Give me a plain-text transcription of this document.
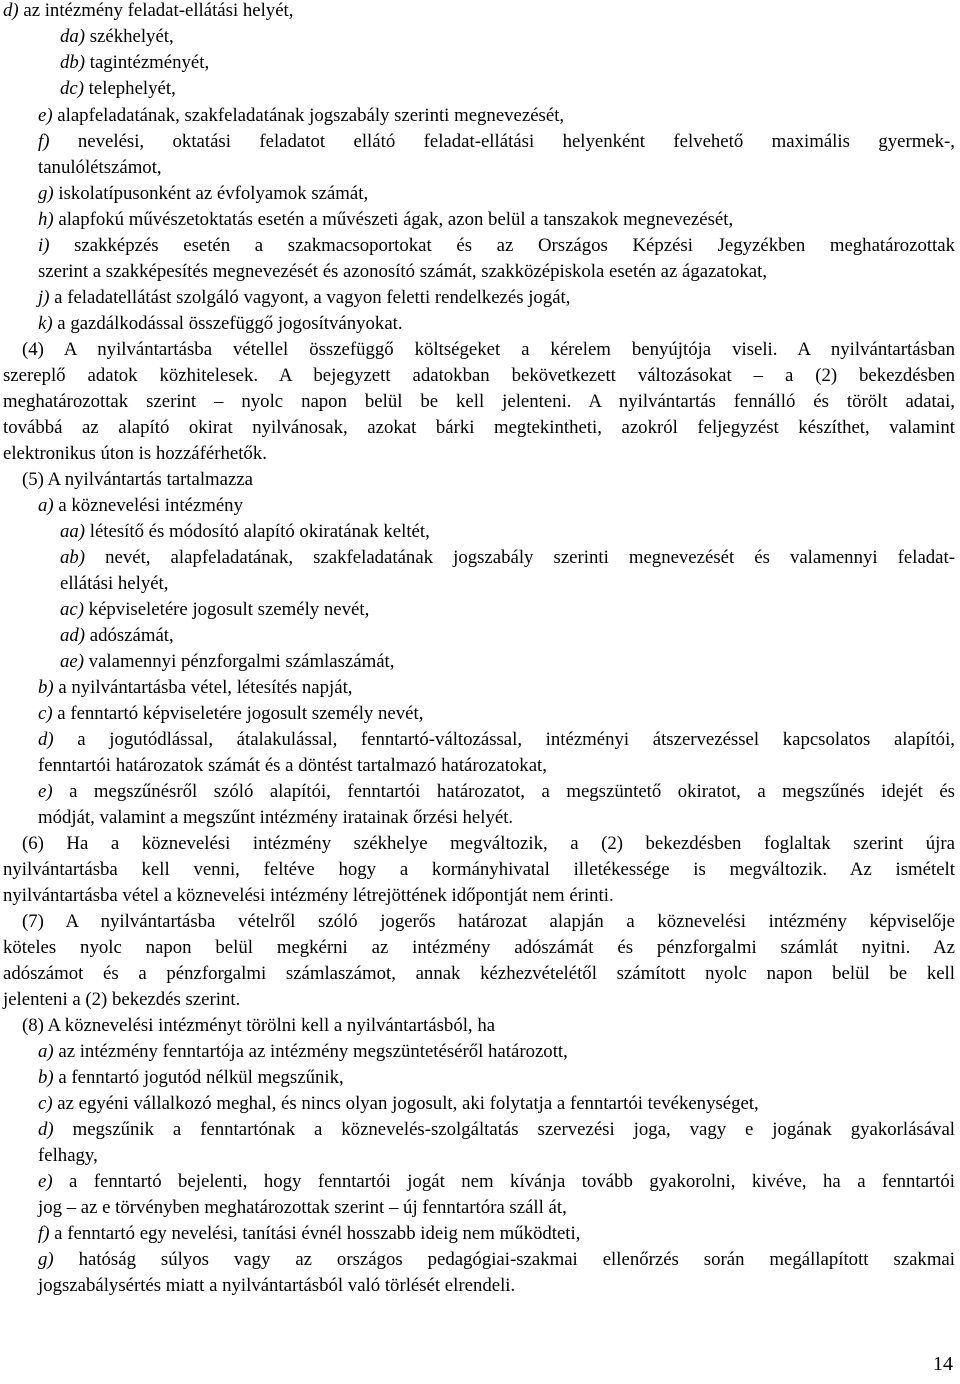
d) az intézmény feladat-ellátási helyét,
da) székhelyét,
db) tagintézményét,
dc) telephelyét,
e) alapfeladatának, szakfeladatának jogszabály szerinti megnevezését,
f) nevelési, oktatási feladatot ellátó feladat-ellátási helyenként felvehető maximális gyermek-,
tanulólétszámot,
g) iskolatípusonként az évfolyamok számát,
h) alapfokú művészetoktatás esetén a művészeti ágak, azon belül a tanszakok megnevezését,
i) szakképzés esetén a szakmacsoportokat és az Országos Képzési Jegyzékben meghatározottak
szerint a szakképesítés megnevezését és azonosító számát, szakközépiskola esetén az ágazatokat,
j) a feladatellátást szolgáló vagyont, a vagyon feletti rendelkezés jogát,
k) a gazdálkodással összefüggő jogosítványokat.
(4) A nyilvántartásba vétellel összefüggő költségeket a kérelem benyújtója viseli. A nyilvántartásban
szereplő adatok közhitelesek. A bejegyzett adatokban bekövetkezett változásokat – a (2) bekezdésben
meghatározottak szerint – nyolc napon belül be kell jelenteni. A nyilvántartás fennálló és törölt adatai,
továbbá az alapító okirat nyilvánosak, azokat bárki megtekintheti, azokról feljegyzést készíthet, valamint
elektronikus úton is hozzáférhetők.
(5) A nyilvántartás tartalmazza
a) a köznevelési intézmény
aa) létesítő és módosító alapító okiratának keltét,
ab) nevét, alapfeladatának, szakfeladatának jogszabály szerinti megnevezését és valamennyi feladat-
ellátási helyét,
ac) képviseletére jogosult személy nevét,
ad) adószámát,
ae) valamennyi pénzforgalmi számlaszámát,
b) a nyilvántartásba vétel, létesítés napját,
c) a fenntartó képviseletére jogosult személy nevét,
d) a jogutódlással, átalakulással, fenntartó-változással, intézményi átszervezéssel kapcsolatos alapítói,
fenntartói határozatok számát és a döntést tartalmazó határozatokat,
e) a megszűnésről szóló alapítói, fenntartói határozatot, a megszüntető okiratot, a megszűnés idejét és
módját, valamint a megszűnt intézmény iratainak őrzési helyét.
(6) Ha a köznevelési intézmény székhelye megváltozik, a (2) bekezdésben foglaltak szerint újra
nyilvántartásba kell venni, feltéve hogy a kormányhivatal illetékessége is megváltozik. Az ismételt
nyilvántartásba vétel a köznevelési intézmény létrejöttének időpontját nem érinti.
(7) A nyilvántartásba vételről szóló jogerős határozat alapján a köznevelési intézmény képviselője
köteles nyolc napon belül megkérni az intézmény adószámát és pénzforgalmi számlát nyitni. Az
adószámot és a pénzforgalmi számlaszámot, annak kézhezvételétől számított nyolc napon belül be kell
jelenteni a (2) bekezdés szerint.
(8) A köznevelési intézményt törölni kell a nyilvántartásból, ha
a) az intézmény fenntartója az intézmény megszüntetéséről határozott,
b) a fenntartó jogutód nélkül megszűnik,
c) az egyéni vállalkozó meghal, és nincs olyan jogosult, aki folytatja a fenntartói tevékenységet,
d) megszűnik a fenntartónak a köznevelés-szolgáltatás szervezési joga, vagy e jogának gyakorlásával
felhagy,
e) a fenntartó bejelenti, hogy fenntartói jogát nem kívánja tovább gyakorolni, kivéve, ha a fenntartói
jog – az e törvényben meghatározottak szerint – új fenntartóra száll át,
f) a fenntartó egy nevelési, tanítási évnél hosszabb ideig nem működteti,
g) hatóság súlyos vagy az országos pedagógiai-szakmai ellenőrzés során megállapított szakmai
jogszabálysértés miatt a nyilvántartásból való törlését elrendeli.
14
